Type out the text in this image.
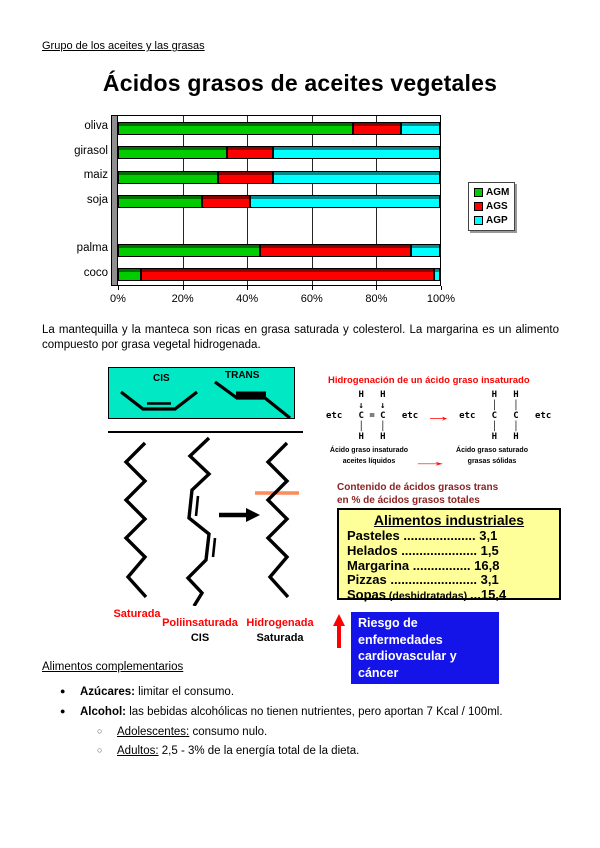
Grupo de los aceites y las grasas
Ácidos grasos de aceites vegetales
oliva
girasol
maiz
soja
palma
coco
0%	20%	40%	60%	80%	100%
AGM
AGS
AGP
La mantequilla y la manteca son ricas en grasa saturada y colesterol. La margarina es un alimento compuesto por grasa vegetal hidrogenada.
CIS	TRANS
Saturada
Poliinsaturada
CIS
Hidrogenada
Saturada
Hidrogenación de un ácido graso insaturado
H   H
↓   ↓
etc   C = C   etc
│   │
H   H
→
H   H
│   │
etc   C   C   etc
│   │
H   H
Ácido graso insaturado
aceites líquidos	→
Ácido graso saturado
grasas sólidas
Contenido de ácidos grasos trans
en % de ácidos grasos totales
Alimentos industriales
Pasteles .................... 3,1
Helados ..................... 1,5
Margarina ................ 16,8
Pizzas ........................ 3,1
Sopas (deshidratadas) ...15,4
Riesgo de enfermedades
cardiovascular y cáncer
Alimentos complementarios
●	Azúcares: limitar el consumo.
●	Alcohol: las bebidas alcohólicas no tienen nutrientes, pero aportan 7 Kcal / 100ml.
○	Adolescentes: consumo nulo.
○	Adultos: 2,5 - 3% de la energía total de la dieta.
